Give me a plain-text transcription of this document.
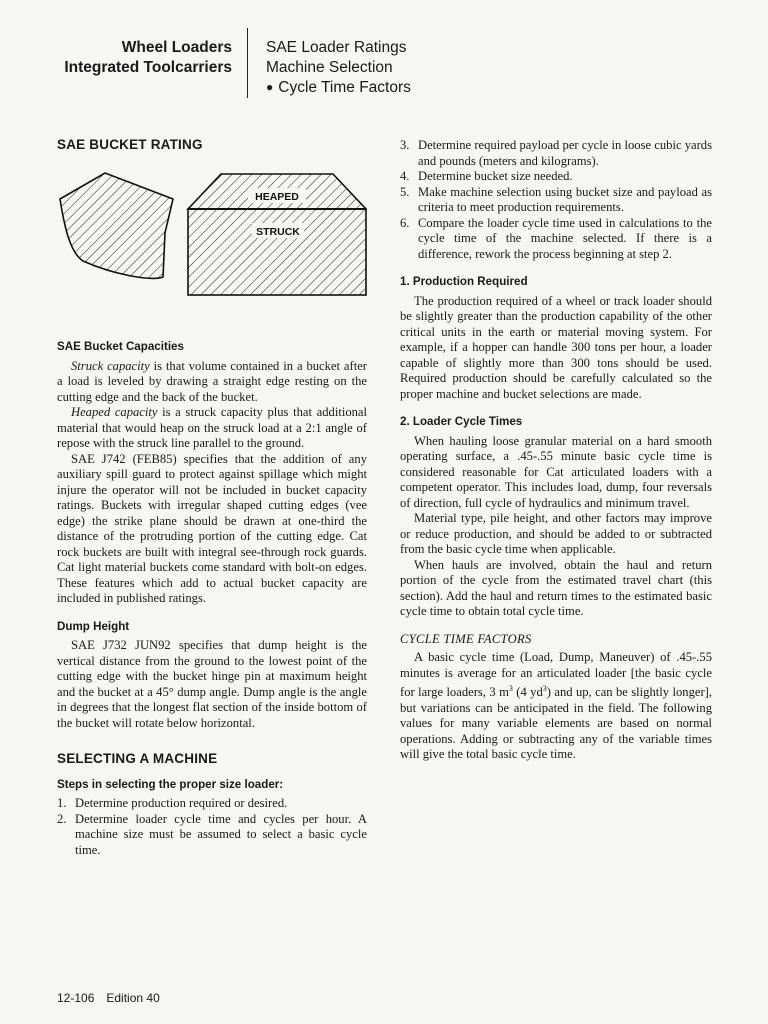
Wheel Loaders
Integrated Toolcarriers
SAE Loader Ratings
Machine Selection
● Cycle Time Factors
SAE BUCKET RATING
HEAPED
STRUCK
SAE Bucket Capacities

Struck capacity is that volume contained in a bucket after a load is leveled by drawing a straight edge resting on the cutting edge and the back of the bucket.

Heaped capacity is a struck capacity plus that additional material that would heap on the struck load at a 2:1 angle of repose with the struck line parallel to the ground.

SAE J742 (FEB85) specifies that the addition of any auxiliary spill guard to protect against spillage which might injure the operator will not be included in bucket capacity ratings. Buckets with irregular shaped cutting edges (vee edge) the strike plane should be drawn at one-third the distance of the protruding portion of the cutting edge. Cat rock buckets are built with integral see-through rock guards. Cat light material buckets come standard with bolt-on edges. These features which add to actual bucket capacity are included in published ratings.

Dump Height

SAE J732 JUN92 specifies that dump height is the vertical distance from the ground to the lowest point of the cutting edge with the bucket hinge pin at maximum height and the bucket at a 45° dump angle. Dump angle is the angle in degrees that the longest flat section of the inside bottom of the bucket will rotate below horizontal.

SELECTING A MACHINE
Steps in selecting the proper size loader:
1. Determine production required or desired.
2. Determine loader cycle time and cycles per hour. A machine size must be assumed to select a basic cycle time.
3. Determine required payload per cycle in loose cubic yards and pounds (meters and kilograms).
4. Determine bucket size needed.
5. Make machine selection using bucket size and payload as criteria to meet production requirements.
6. Compare the loader cycle time used in calculations to the cycle time of the machine selected. If there is a difference, rework the process beginning at step 2.
1. Production Required

The production required of a wheel or track loader should be slightly greater than the production capability of the other critical units in the earth or material moving system. For example, if a hopper can handle 300 tons per hour, a loader capable of slightly more than 300 tons should be used. Required production should be carefully calculated so the proper machine and bucket selections are made.

2. Loader Cycle Times

When hauling loose granular material on a hard smooth operating surface, a .45-.55 minute basic cycle time is considered reasonable for Cat articulated loaders with a competent operator. This includes load, dump, four reversals of direction, full cycle of hydraulics and minimum travel.

Material type, pile height, and other factors may improve or reduce production, and should be added to or subtracted from the basic cycle time when applicable.

When hauls are involved, obtain the haul and return portion of the cycle from the estimated travel chart (this section). Add the haul and return times to the estimated basic cycle time to obtain total cycle time.

CYCLE TIME FACTORS

A basic cycle time (Load, Dump, Maneuver) of .45-.55 minutes is average for an articulated loader [the basic cycle for large loaders, 3 $m^3$ (4 $yd^3$) and up, can be slightly longer], but variations can be anticipated in the field. The following values for many variable elements are based on normal operations. Adding or subtracting any of the variable times will give the total basic cycle time.

12-106 Edition 40
